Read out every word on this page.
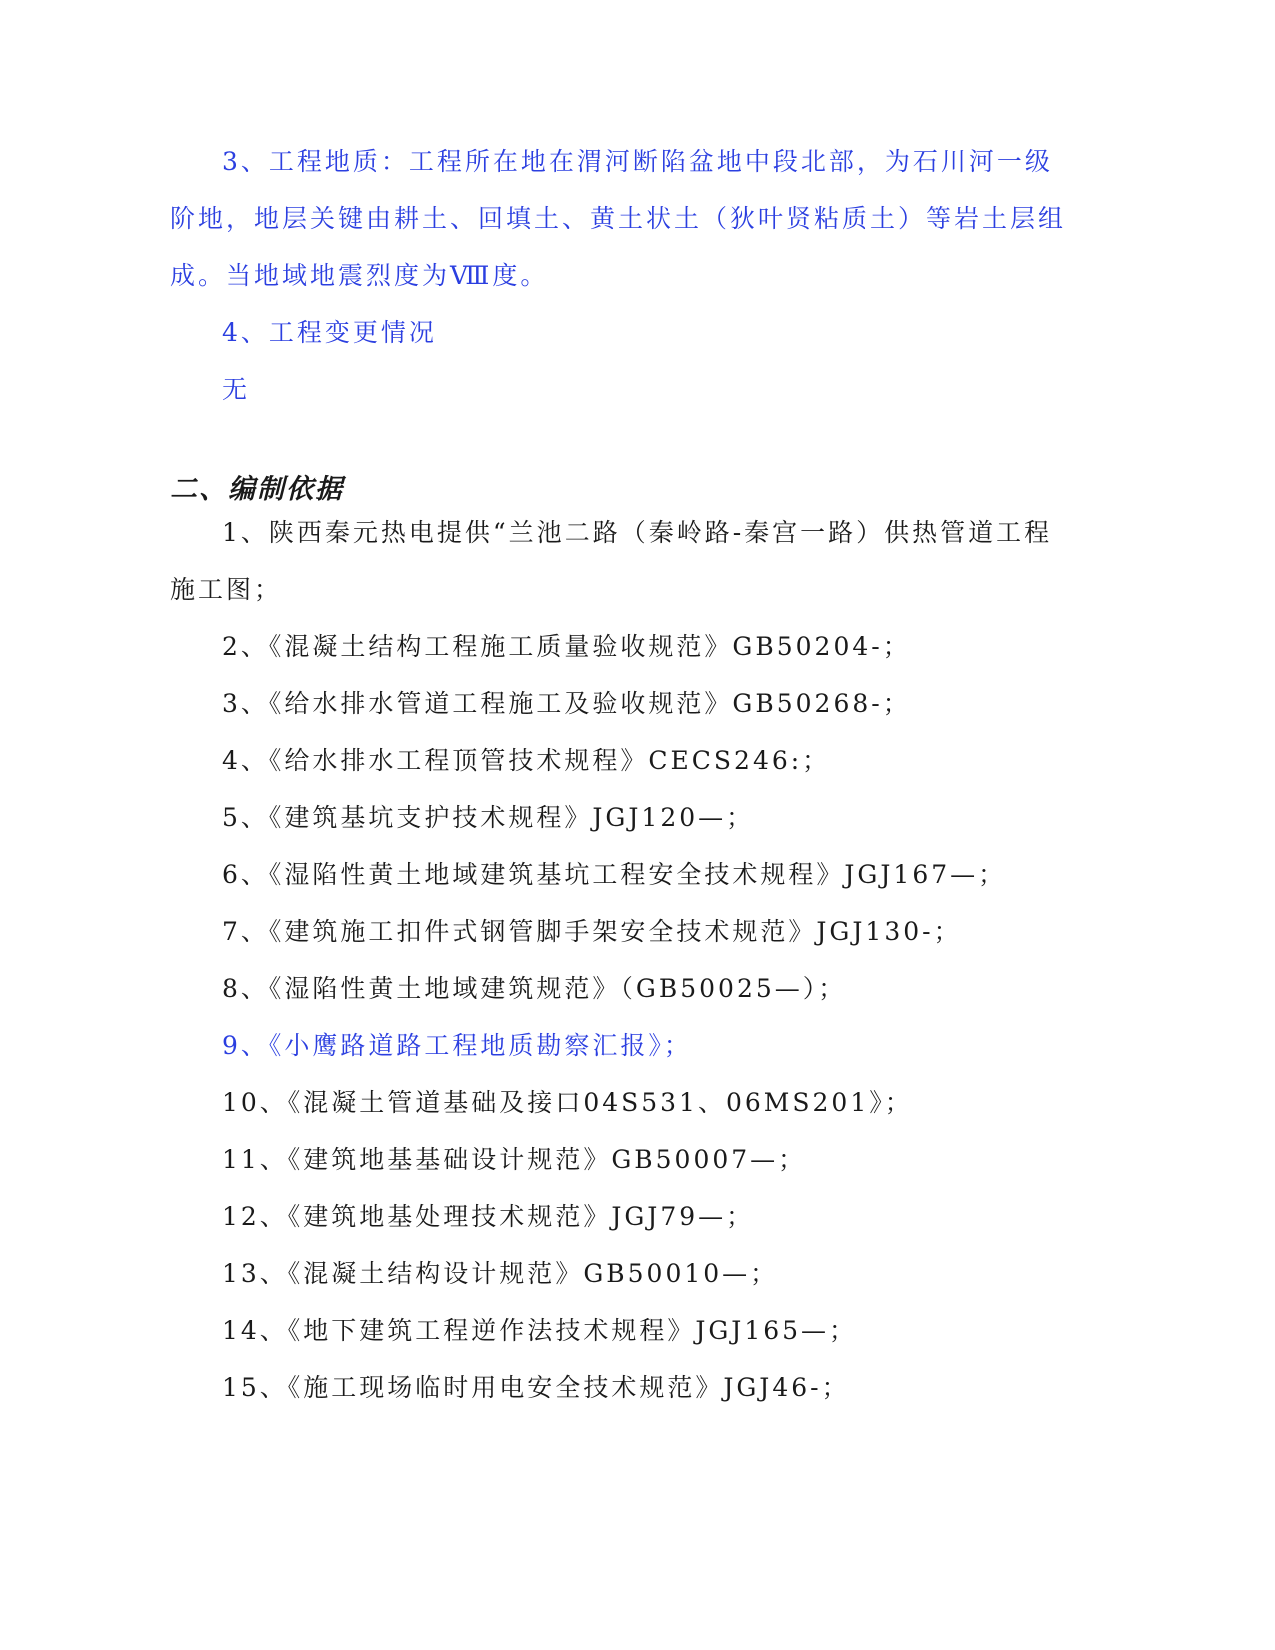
3、工程地质：工程所在地在渭河断陷盆地中段北部，为石川河一级
阶地，地层关键由耕土、回填土、黄土状土（狄叶贤粘质土）等岩土层组
成。当地域地震烈度为Ⅷ度。
4、工程变更情况
无
二、编制依据
1、陕西秦元热电提供“兰池二路（秦岭路-秦宫一路）供热管道工程
施工图；
2、《混凝土结构工程施工质量验收规范》GB50204-；
3、《给水排水管道工程施工及验收规范》GB50268-；
4、《给水排水工程顶管技术规程》CECS246:；
5、《建筑基坑支护技术规程》JGJ120—；
6、《湿陷性黄土地域建筑基坑工程安全技术规程》JGJ167—；
7、《建筑施工扣件式钢管脚手架安全技术规范》JGJ130-；
8、《湿陷性黄土地域建筑规范》（GB50025—）；
9、《小鹰路道路工程地质勘察汇报》；
10、《混凝土管道基础及接口04S531、06MS201》；
11、《建筑地基基础设计规范》GB50007—；
12、《建筑地基处理技术规范》JGJ79—；
13、《混凝土结构设计规范》GB50010—；
14、《地下建筑工程逆作法技术规程》JGJ165—；
15、《施工现场临时用电安全技术规范》JGJ46-；
